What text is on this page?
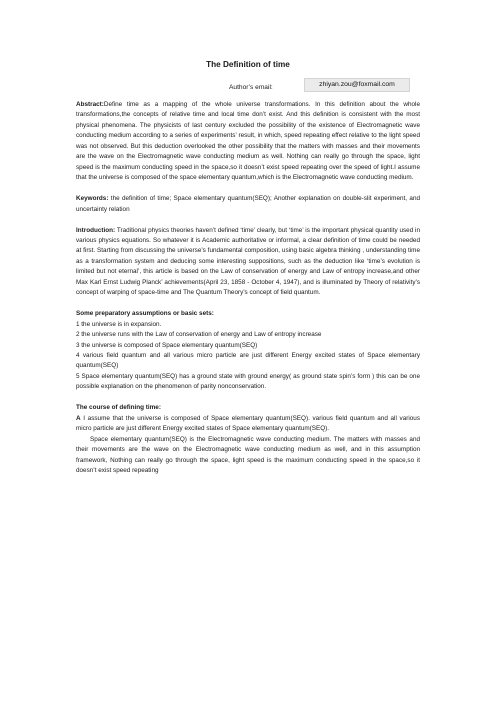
The Definition of time
Author’s email:	zhiyan.zou@foxmail.com

Abstract:Define time as a mapping of the whole universe transformations. In this definition about the whole transformations,the concepts of relative time and local time don’t exist. And this definition is consistent with the most physical phenomena. The physicists of last century excluded the possibility of the existence of Electromagnetic wave conducting medium according to a series of experiments’ result, in which, speed repeating effect relative to the light speed was not observed. But this deduction overlooked the other possibility that the matters with masses and their movements are the wave on the Electromagnetic wave conducting medium as well. Nothing can really go through the space, light speed is the maximum conducting speed in the space,so it doesn’t exist speed repeating over the speed of light.I assume that the universe is composed of the space elementary quantum,which is the Electromagnetic wave conducting medium.

Keywords: the definition of time; Space elementary quantum(SEQ); Another explanation on double-slit experiment, and uncertainty relation

Introduction: Traditional physics theories haven’t defined ‘time’ clearly, but ‘time’ is the important physical quantity used in various physics equations. So whatever it is Academic authoritative or informal, a clear definition of time could be needed at first. Starting from discussing the universe’s fundamental composition, using basic algebra thinking , understanding time as a transformation system and deducing some interesting suppositions, such as the deduction like ‘time’s evolution is limited but not eternal’, this article is based on the Law of conservation of energy and Law of entropy increase,and other Max Karl Ernst Ludwig Planck’ achievements(April 23, 1858 - October 4, 1947), and is illuminated by Theory of relativity’s concept of warping of space-time and The Quantum Theory’s concept of field quantum.

Some preparatory assumptions or basic sets:

1 the universe is in expansion.

2 the universe runs with the Law of conservation of energy and Law of entropy increase

3 the universe is composed of Space elementary quantum(SEQ)

4 various field quantum and all various micro particle are just different Energy excited states of Space elementary quantum(SEQ)

5 Space elementary quantum(SEQ) has a ground state with ground energy( as ground state spin’s form ) this can be one possible explanation on the phenomenon of parity nonconservation.

The course of defining time:

A I assume that the universe is composed of Space elementary quantum(SEQ). various field quantum and all various micro particle are just different Energy excited states of Space elementary quantum(SEQ).

Space elementary quantum(SEQ) is the Electromagnetic wave conducting medium. The matters with masses and their movements are the wave on the Electromagnetic wave conducting medium as well, and in this assumption framework, Nothing can really go through the space, light speed is the maximum conducting speed in the space,so it doesn’t exist speed repeating
